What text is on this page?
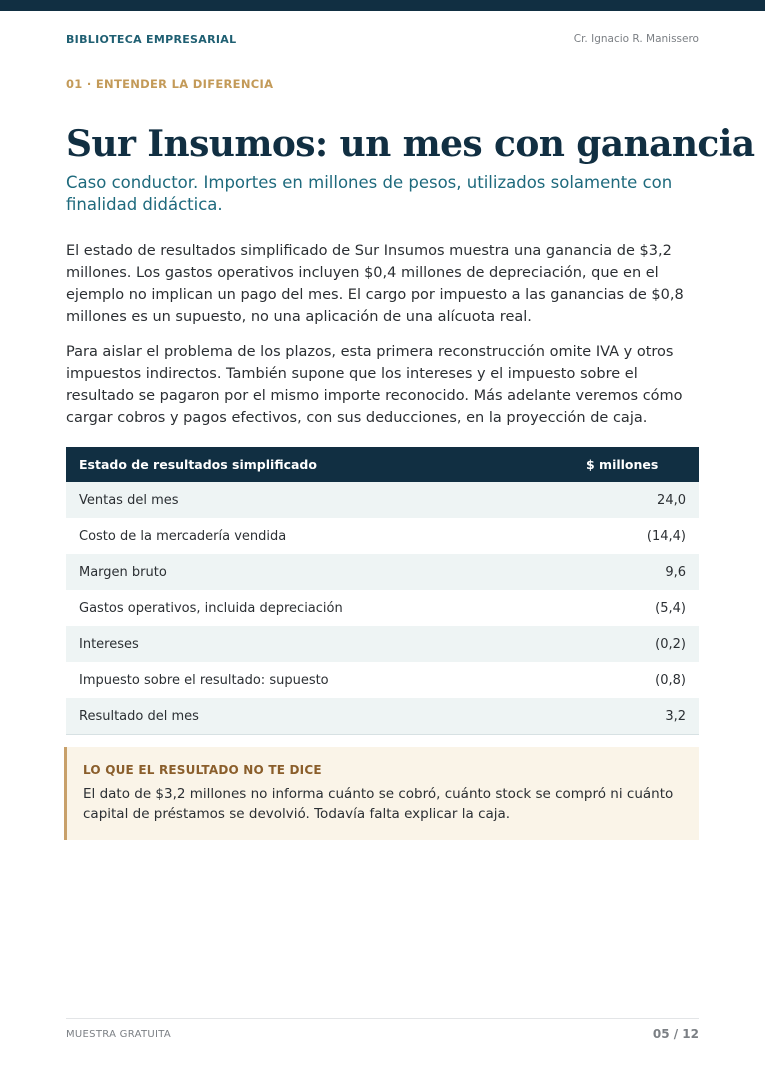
BIBLIOTECA EMPRESARIAL	Cr. Ignacio R. Manissero
01 · ENTENDER LA DIFERENCIA
Sur Insumos: un mes con ganancia

Caso conductor. Importes en millones de pesos, utilizados solamente con finalidad didáctica.

El estado de resultados simplificado de Sur Insumos muestra una ganancia de $3,2 millones. Los gastos operativos incluyen $0,4 millones de depreciación, que en el ejemplo no implican un pago del mes. El cargo por impuesto a las ganancias de $0,8 millones es un supuesto, no una aplicación de una alícuota real.

Para aislar el problema de los plazos, esta primera reconstrucción omite IVA y otros impuestos indirectos. También supone que los intereses y el impuesto sobre el resultado se pagaron por el mismo importe reconocido. Más adelante veremos cómo cargar cobros y pagos efectivos, con sus deducciones, en la proyección de caja.

Estado de resultados simplificado	$ millones
Ventas del mes	24,0
Costo de la mercadería vendida	(14,4)
Margen bruto	9,6
Gastos operativos, incluida depreciación	(5,4)
Intereses	(0,2)
Impuesto sobre el resultado: supuesto	(0,8)
Resultado del mes	3,2
LO QUE EL RESULTADO NO TE DICE

El dato de $3,2 millones no informa cuánto se cobró, cuánto stock se compró ni cuánto capital de préstamos se devolvió. Todavía falta explicar la caja.

MUESTRA GRATUITA	05 / 12
